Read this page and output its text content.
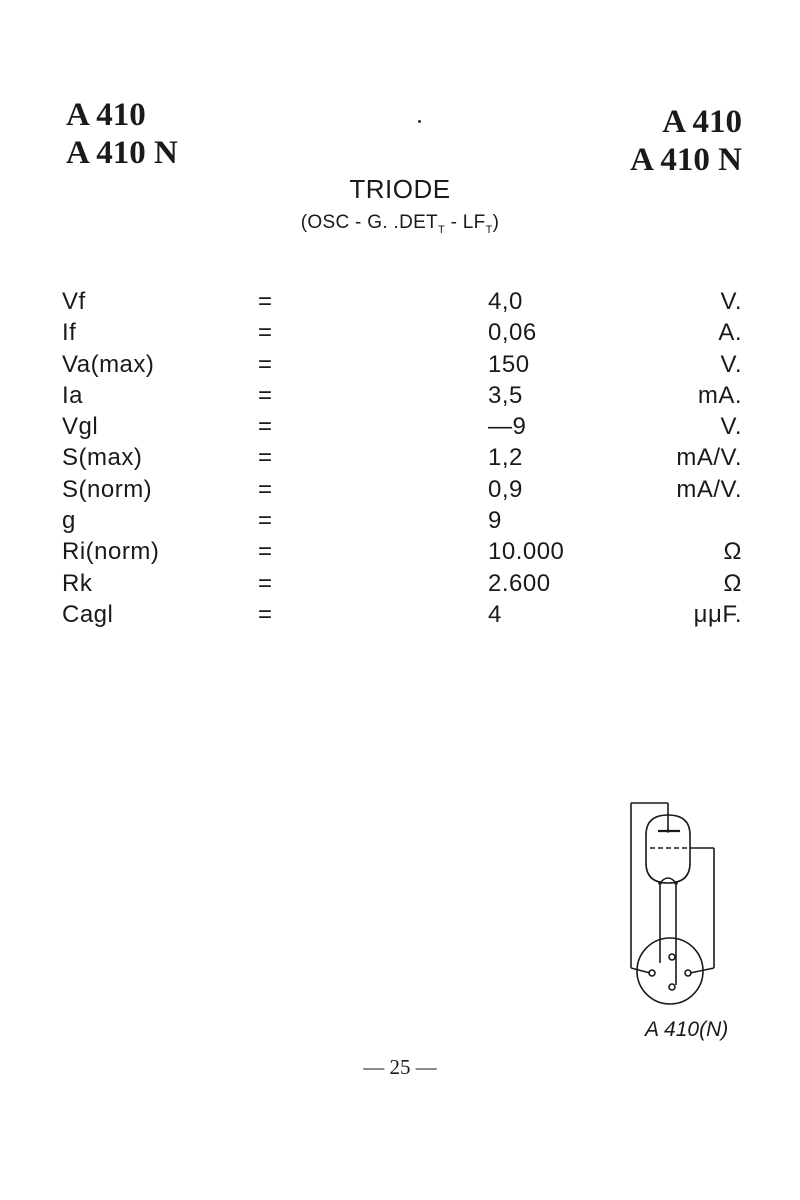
A 410
A 410 N
A 410
A 410 N
TRIODE
(OSC - G. $.DET_T - LF_T$)
Vf	=	4,0	V.
If	=	0,06	A.
Va(max)	=	150	V.
Ia	=	3,5	mA.
Vgl	=	—9	V.
S(max)	=	1,2	mA/V.
S(norm)	=	0,9	mA/V.
g	=	9
Ri(norm)	=	10.000	Ω
Rk	=	2.600	Ω
Cagl	=	4	μμF.
A 410(N)
— 25 —
